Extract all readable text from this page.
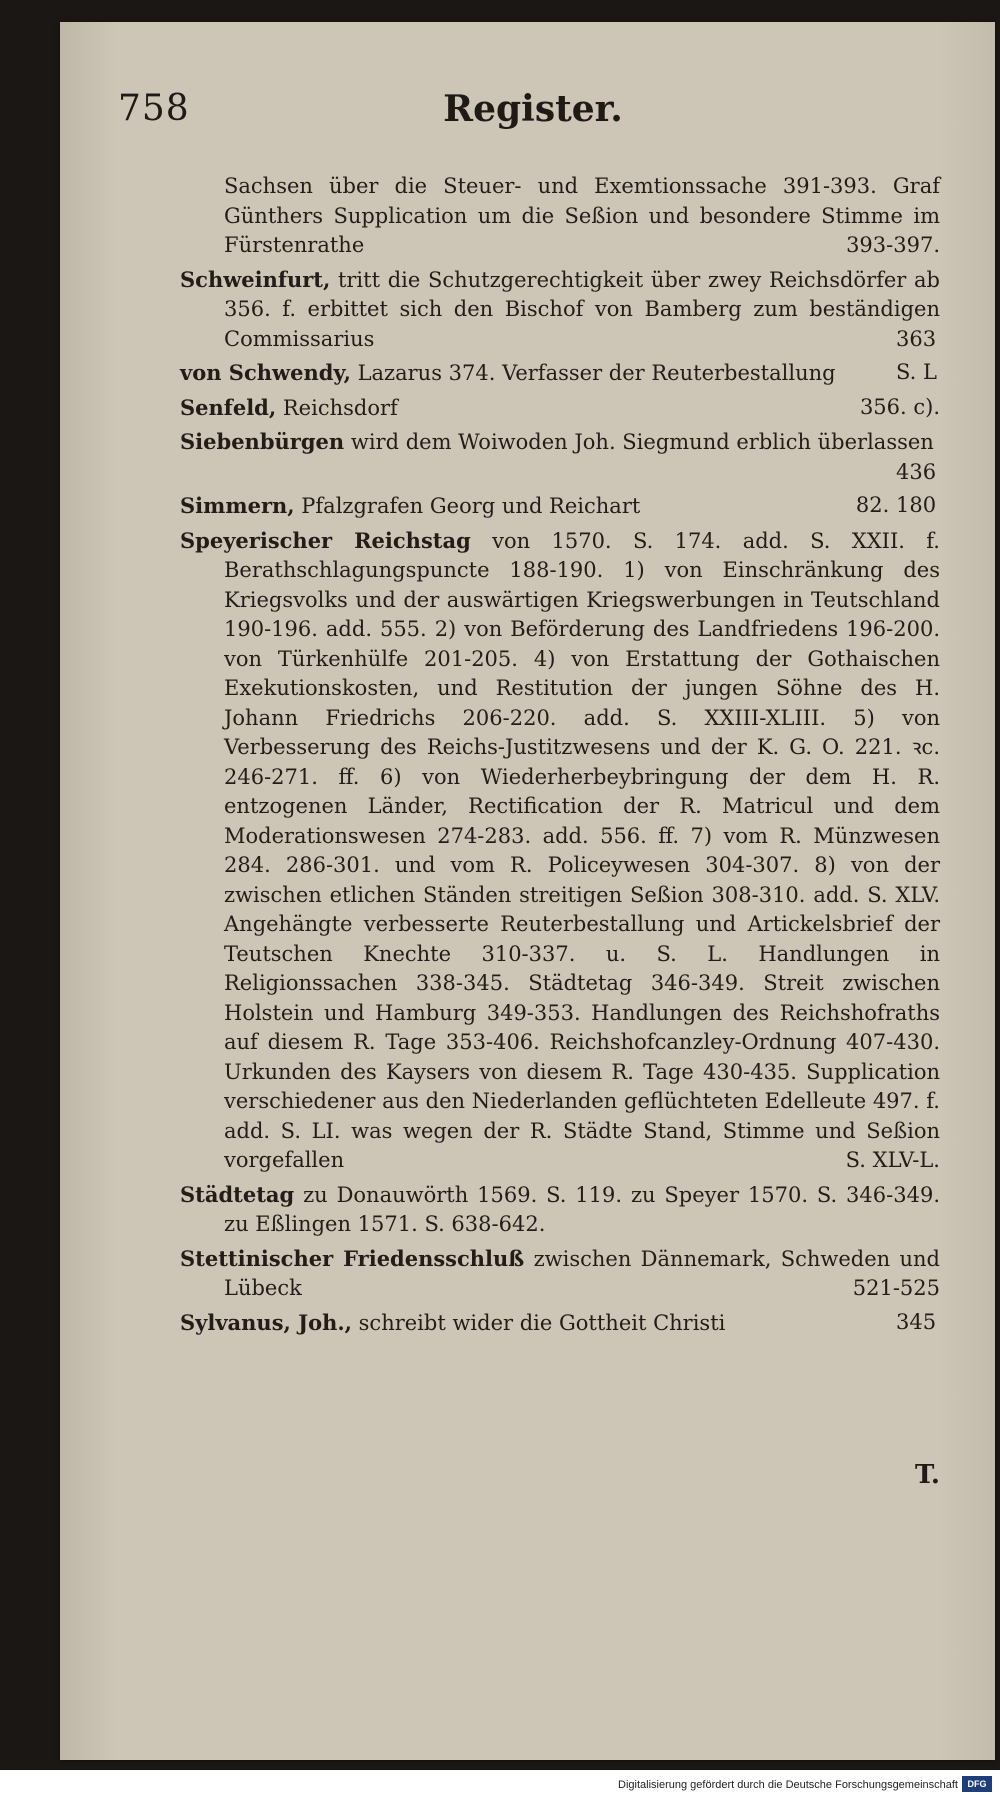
758	Register.

Sachsen über die Steuer- und Exemtionssache 391-393. Graf Günthers Supplication um die Seßion und besondere Stimme im Fürstenrathe	393-397.

Schweinfurt, tritt die Schutzgerechtigkeit über zwey Reichsdörfer ab 356. f. erbittet sich den Bischof von Bamberg zum beständigen Commissarius	363

von Schwendy, Lazarus 374. Verfasser der Reuterbestallung	S. L

Senfeld, Reichsdorf	356. c).

Siebenbürgen wird dem Woiwoden Joh. Siegmund erblich überlassen
436

Simmern, Pfalzgrafen Georg und Reichart	82. 180

Speyerischer Reichstag von 1570. S. 174. add. S. XXII. f. Berathschlagungspuncte 188-190. 1) von Einschränkung des Kriegsvolks und der auswärtigen Kriegswerbungen in Teutschland 190-196. add. 555. 2) von Beförderung des Landfriedens 196-200. von Türkenhülfe 201-205. 4) von Erstattung der Gothaischen Exekutionskosten, und Restitution der jungen Söhne des H. Johann Friedrichs 206-220. add. S. XXIII-XLIII. 5) von Verbesserung des Reichs-Justitzwesens und der K. G. O. 221. ꝛc. 246-271. ff. 6) von Wiederherbeybringung der dem H. R. entzogenen Länder, Rectification der R. Matricul und dem Moderationswesen 274-283. add. 556. ff. 7) vom R. Münzwesen 284. 286-301. und vom R. Policeywesen 304-307. 8) von der zwischen etlichen Ständen streitigen Seßion 308-310. add. S. XLV. Angehängte verbesserte Reuterbestallung und Artickelsbrief der Teutschen Knechte 310-337. u. S. L. Handlungen in Religionssachen 338-345. Städtetag 346-349. Streit zwischen Holstein und Hamburg 349-353. Handlungen des Reichshofraths auf diesem R. Tage 353-406. Reichshofcanzley-Ordnung 407-430. Urkunden des Kaysers von diesem R. Tage 430-435. Supplication verschiedener aus den Niederlanden geflüchteten Edelleute 497. f. add. S. LI. was wegen der R. Städte Stand, Stimme und Seßion vorgefallen	S. XLV-L.

Städtetag zu Donauwörth 1569. S. 119. zu Speyer 1570. S. 346-349. zu Eßlingen 1571. S. 638-642.

Stettinischer Friedensschluß zwischen Dännemark, Schweden und Lübeck	521-525

Sylvanus, Joh., schreibt wider die Gottheit Christi	345

T.
Digitalisierung gefördert durch die Deutsche Forschungsgemeinschaft	DFG
